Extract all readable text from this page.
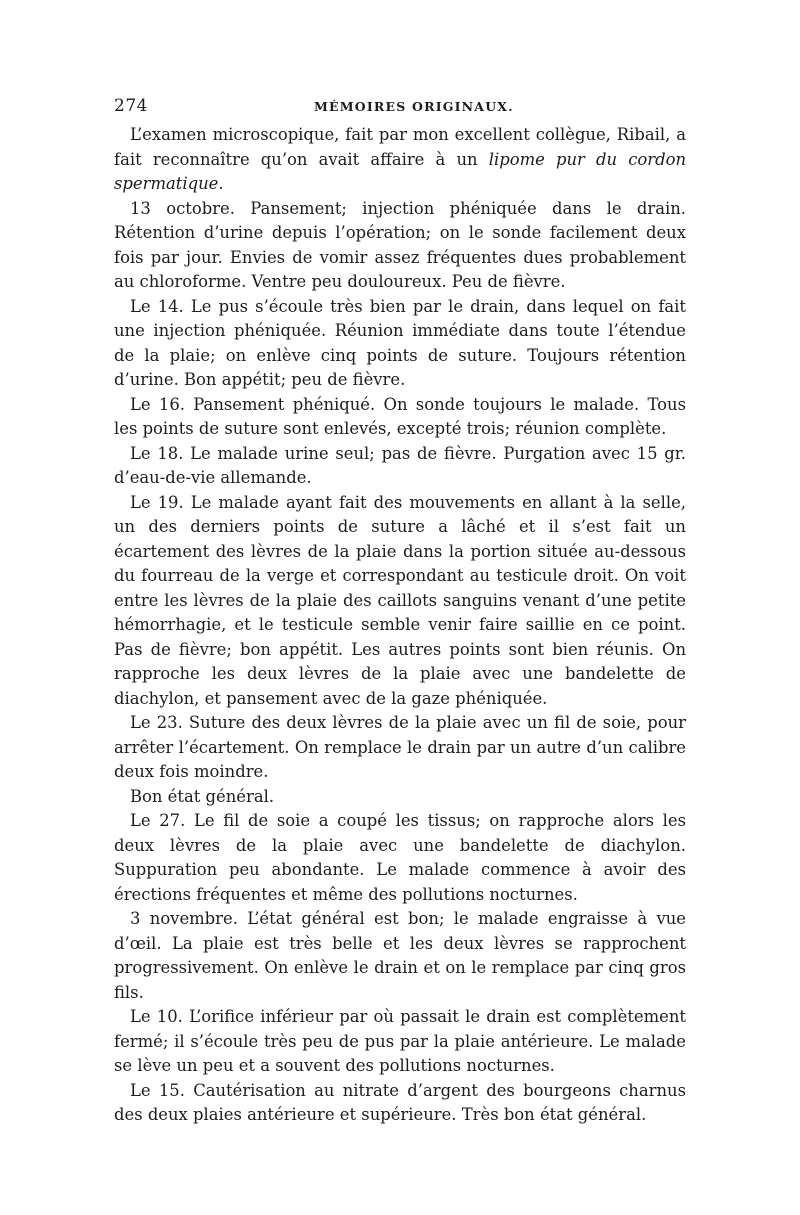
274	MÉMOIRES ORIGINAUX.

L’examen microscopique, fait par mon excellent collègue, Ribail, a fait reconnaître qu’on avait affaire à un lipome pur du cordon spermatique.

13 octobre. Pansement; injection phéniquée dans le drain. Rétention d’urine depuis l’opération; on le sonde facilement deux fois par jour. Envies de vomir assez fréquentes dues probablement au chloroforme. Ventre peu douloureux. Peu de fièvre.

Le 14. Le pus s’écoule très bien par le drain, dans lequel on fait une injection phéniquée. Réunion immédiate dans toute l’étendue de la plaie; on enlève cinq points de suture. Toujours rétention d’urine. Bon appétit; peu de fièvre.

Le 16. Pansement phéniqué. On sonde toujours le malade. Tous les points de suture sont enlevés, excepté trois; réunion complète.

Le 18. Le malade urine seul; pas de fièvre. Purgation avec 15 gr. d’eau-de-vie allemande.

Le 19. Le malade ayant fait des mouvements en allant à la selle, un des derniers points de suture a lâché et il s’est fait un écartement des lèvres de la plaie dans la portion située au-dessous du fourreau de la verge et correspondant au testicule droit. On voit entre les lèvres de la plaie des caillots sanguins venant d’une petite hémorrhagie, et le testicule semble venir faire saillie en ce point. Pas de fièvre; bon appétit. Les autres points sont bien réunis. On rapproche les deux lèvres de la plaie avec une bandelette de diachylon, et pansement avec de la gaze phéniquée.

Le 23. Suture des deux lèvres de la plaie avec un fil de soie, pour arrêter l’écartement. On remplace le drain par un autre d’un calibre deux fois moindre.

Bon état général.

Le 27. Le fil de soie a coupé les tissus; on rapproche alors les deux lèvres de la plaie avec une bandelette de diachylon. Suppuration peu abondante. Le malade commence à avoir des érections fréquentes et même des pollutions nocturnes.

3 novembre. L’état général est bon; le malade engraisse à vue d’œil. La plaie est très belle et les deux lèvres se rapprochent progressivement. On enlève le drain et on le remplace par cinq gros fils.

Le 10. L’orifice inférieur par où passait le drain est complètement fermé; il s’écoule très peu de pus par la plaie antérieure. Le malade se lève un peu et a souvent des pollutions nocturnes.

Le 15. Cautérisation au nitrate d’argent des bourgeons charnus des deux plaies antérieure et supérieure. Très bon état général.
